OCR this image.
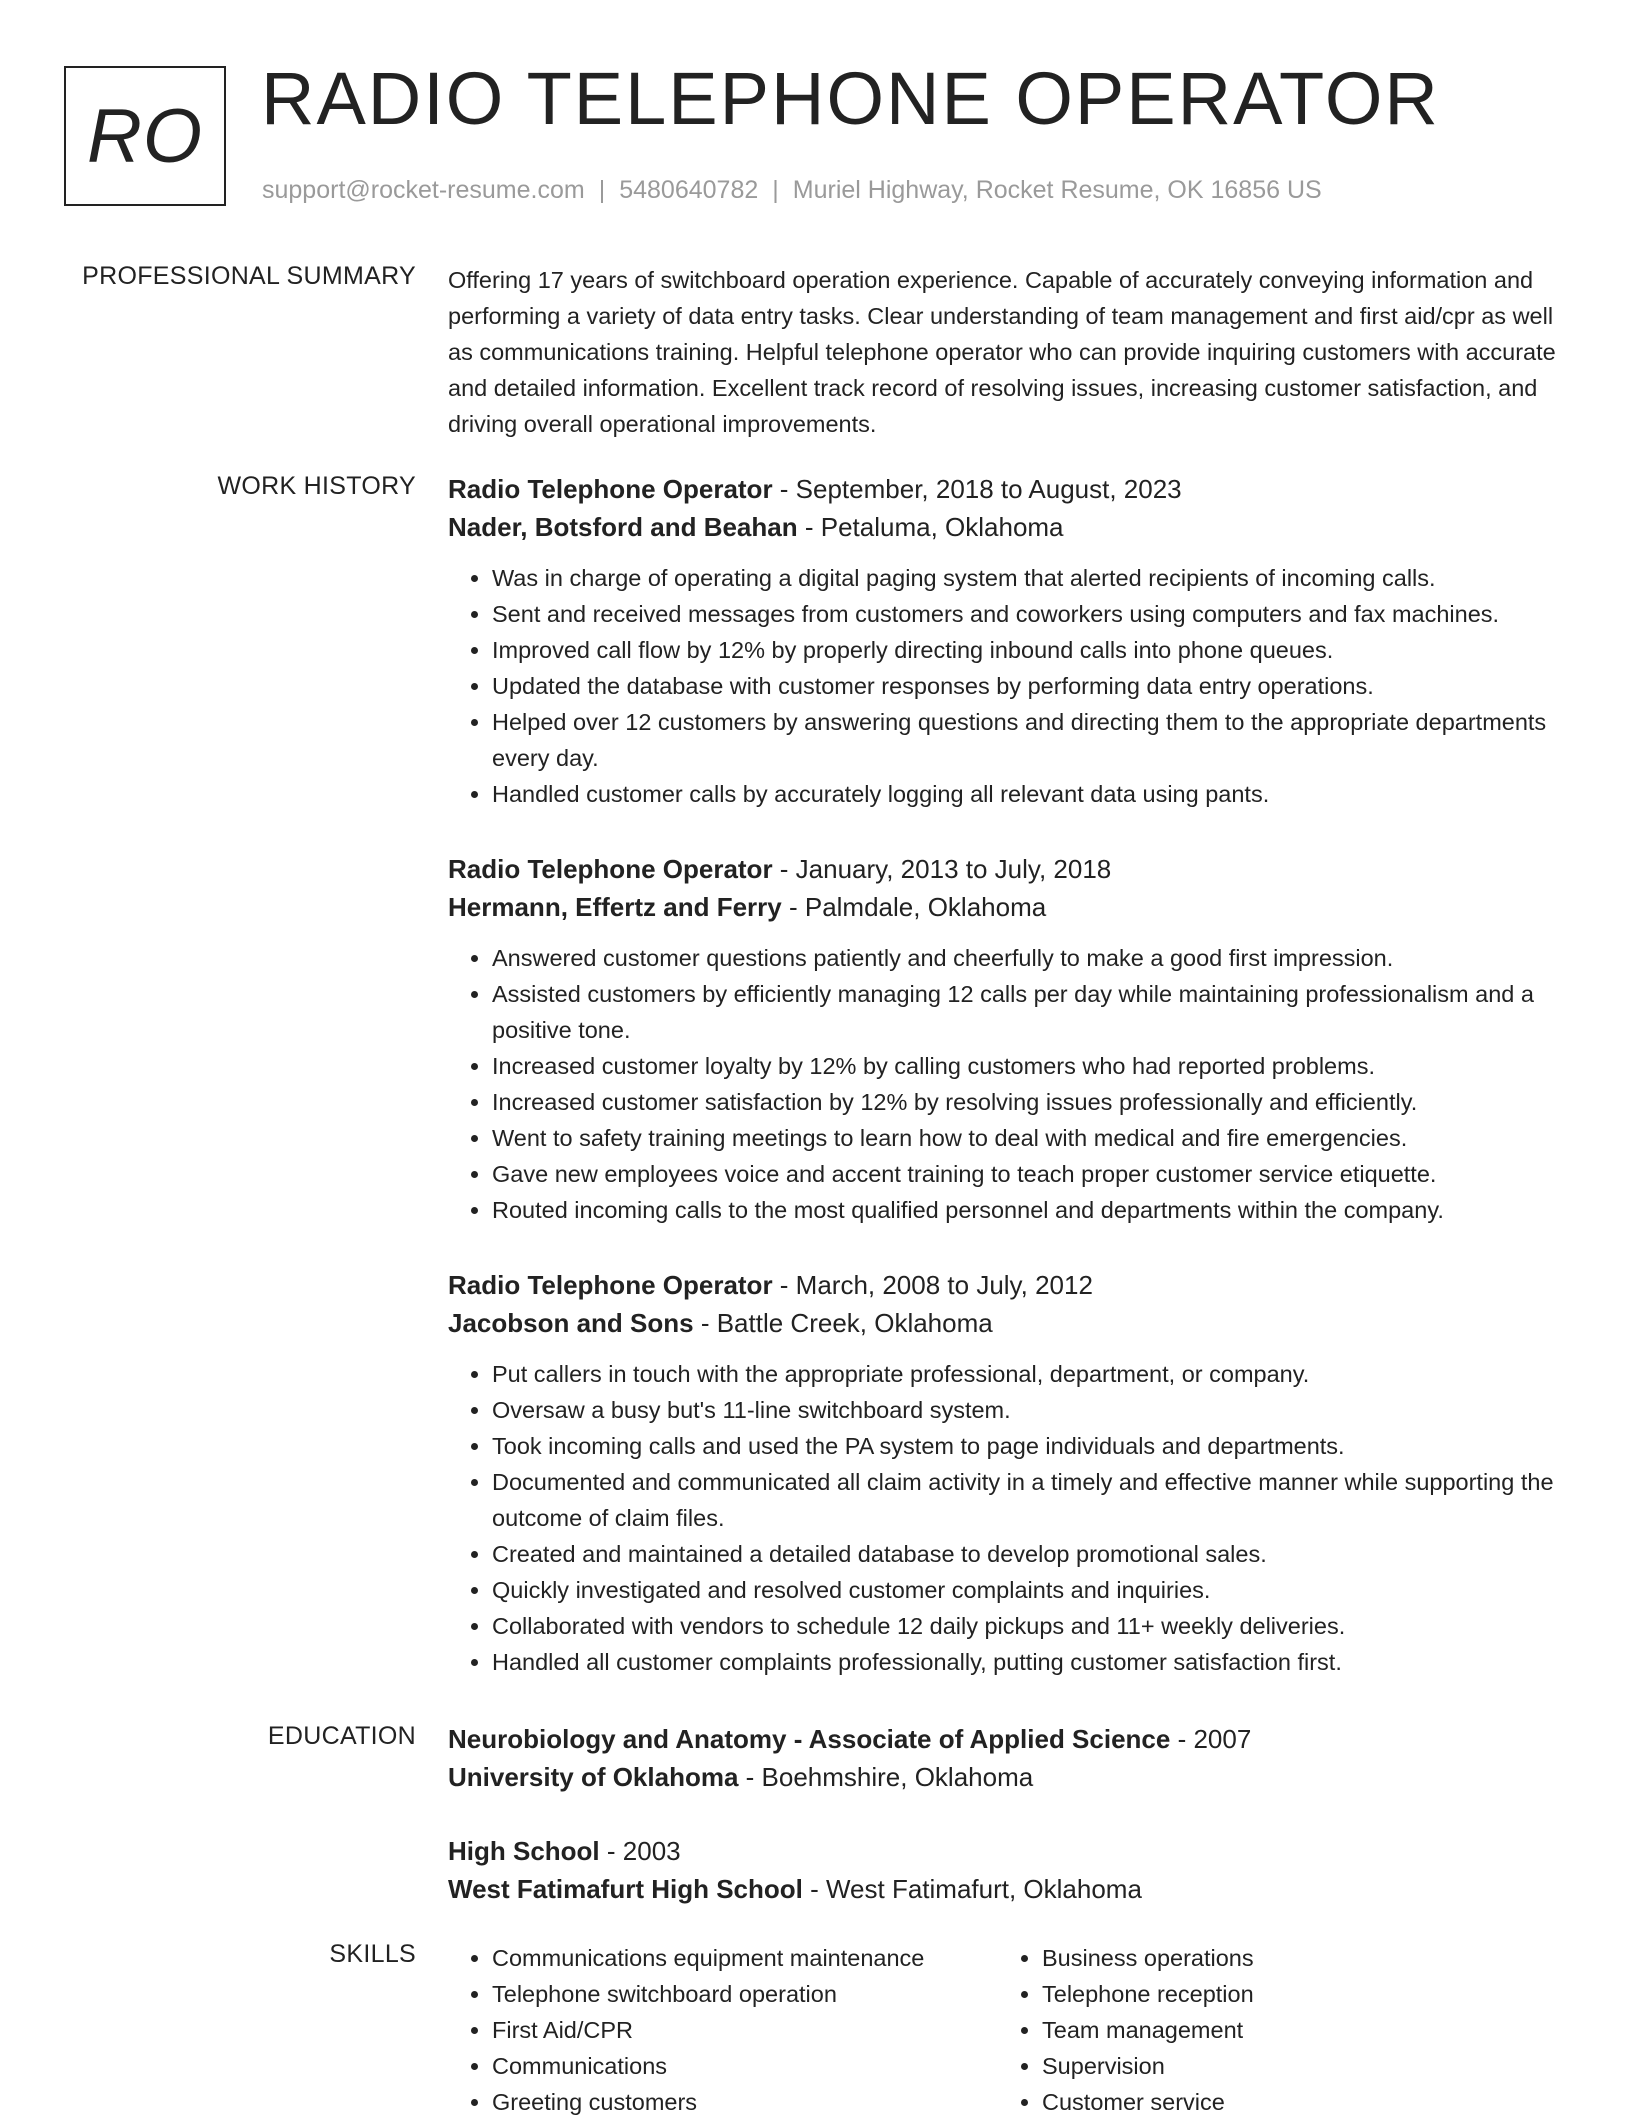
RO RADIO TELEPHONE OPERATOR
support@rocket-resume.com | 5480640782 | Muriel Highway, Rocket Resume, OK 16856 US
PROFESSIONAL SUMMARY Offering 17 years of switchboard operation experience. Capable of accurately conveying information and performing a variety of data entry tasks. Clear understanding of team management and first aid/cpr as well as communications training. Helpful telephone operator who can provide inquiring customers with accurate and detailed information. Excellent track record of resolving issues, increasing customer satisfaction, and driving overall operational improvements.

WORK HISTORY Radio Telephone Operator - September, 2018 to August, 2023
Nader, Botsford and Beahan - Petaluma, Oklahoma
• Was in charge of operating a digital paging system that alerted recipients of incoming calls.
• Sent and received messages from customers and coworkers using computers and fax machines.
• Improved call flow by 12% by properly directing inbound calls into phone queues.
• Updated the database with customer responses by performing data entry operations.
• Helped over 12 customers by answering questions and directing them to the appropriate departments every day.
• Handled customer calls by accurately logging all relevant data using pants.
Radio Telephone Operator - January, 2013 to July, 2018
Hermann, Effertz and Ferry - Palmdale, Oklahoma
• Answered customer questions patiently and cheerfully to make a good first impression.
• Assisted customers by efficiently managing 12 calls per day while maintaining professionalism and a positive tone.
• Increased customer loyalty by 12% by calling customers who had reported problems.
• Increased customer satisfaction by 12% by resolving issues professionally and efficiently.
• Went to safety training meetings to learn how to deal with medical and fire emergencies.
• Gave new employees voice and accent training to teach proper customer service etiquette.
• Routed incoming calls to the most qualified personnel and departments within the company.
Radio Telephone Operator - March, 2008 to July, 2012
Jacobson and Sons - Battle Creek, Oklahoma
• Put callers in touch with the appropriate professional, department, or company.
• Oversaw a busy but's 11-line switchboard system.
• Took incoming calls and used the PA system to page individuals and departments.
• Documented and communicated all claim activity in a timely and effective manner while supporting the outcome of claim files.
• Created and maintained a detailed database to develop promotional sales.
• Quickly investigated and resolved customer complaints and inquiries.
• Collaborated with vendors to schedule 12 daily pickups and 11+ weekly deliveries.
• Handled all customer complaints professionally, putting customer satisfaction first.
EDUCATION Neurobiology and Anatomy - Associate of Applied Science - 2007
University of Oklahoma - Boehmshire, Oklahoma
High School - 2003
West Fatimafurt High School - West Fatimafurt, Oklahoma
SKILLS
•	Communications equipment maintenance
• Telephone switchboard operation
• First Aid/CPR
• Communications
• Greeting customers
• Business operations
• Telephone reception
• Team management
• Supervision
• Customer service
